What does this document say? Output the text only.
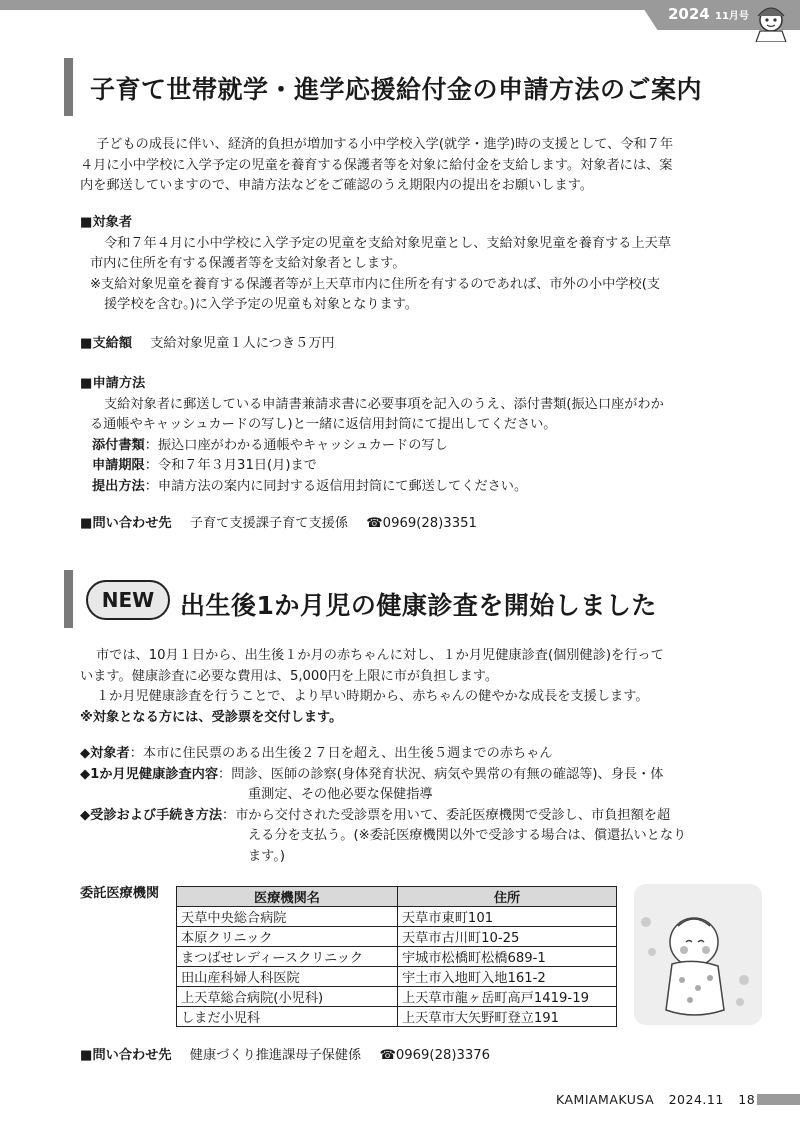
2024 11月号
子育て世帯就学・進学応援給付金の申請方法のご案内
子どもの成長に伴い、経済的負担が増加する小中学校入学(就学・進学)時の支援として、令和７年
４月に小中学校に入学予定の児童を養育する保護者等を対象に給付金を支給します。対象者には、案
内を郵送していますので、申請方法などをご確認のうえ期限内の提出をお願いします。
■対象者
令和７年４月に小中学校に入学予定の児童を支給対象児童とし、支給対象児童を養育する上天草
市内に住所を有する保護者等を支給対象者とします。
※支給対象児童を養育する保護者等が上天草市内に住所を有するのであれば、市外の小中学校(支
援学校を含む。)に入学予定の児童も対象となります。
■支給額 支給対象児童１人につき５万円
■申請方法
支給対象者に郵送している申請書兼請求書に必要事項を記入のうえ、添付書類(振込口座がわか
る通帳やキャッシュカードの写し)と一緒に返信用封筒にて提出してください。
添付書類：振込口座がわかる通帳やキャッシュカードの写し
申請期限：令和７年３月31日(月)まで
提出方法：申請方法の案内に同封する返信用封筒にて郵送してください。
■問い合わせ先 子育て支援課子育て支援係 ☎0969(28)3351
NEW	出生後1か月児の健康診査を開始しました
市では、10月１日から、出生後１か月の赤ちゃんに対し、１か月児健康診査(個別健診)を行って
います。健康診査に必要な費用は、5,000円を上限に市が負担します。
１か月児健康診査を行うことで、より早い時期から、赤ちゃんの健やかな成長を支援します。
※対象となる方には、受診票を交付します。
◆対象者：本市に住民票のある出生後２７日を超え、出生後５週までの赤ちゃん
◆1か月児健康診査内容：問診、医師の診察(身体発育状況、病気や異常の有無の確認等)、身長・体
重測定、その他必要な保健指導
◆受診および手続き方法：市から交付された受診票を用いて、委託医療機関で受診し、市負担額を超
える分を支払う。(※委託医療機関以外で受診する場合は、償還払いとなり
ます。)
委託医療機関	医療機関名	住所
天草中央総合病院	天草市東町101
本原クリニック	天草市古川町10-25
まつばせレディースクリニック	宇城市松橋町松橋689-1
田山産科婦人科医院	宇土市入地町入地161-2
上天草総合病院(小児科)	上天草市龍ヶ岳町高戸1419-19
しまだ小児科	上天草市大矢野町登立191
■問い合わせ先 健康づくり推進課母子保健係 ☎0969(28)3376
KAMIAMAKUSA 2024.11 18
